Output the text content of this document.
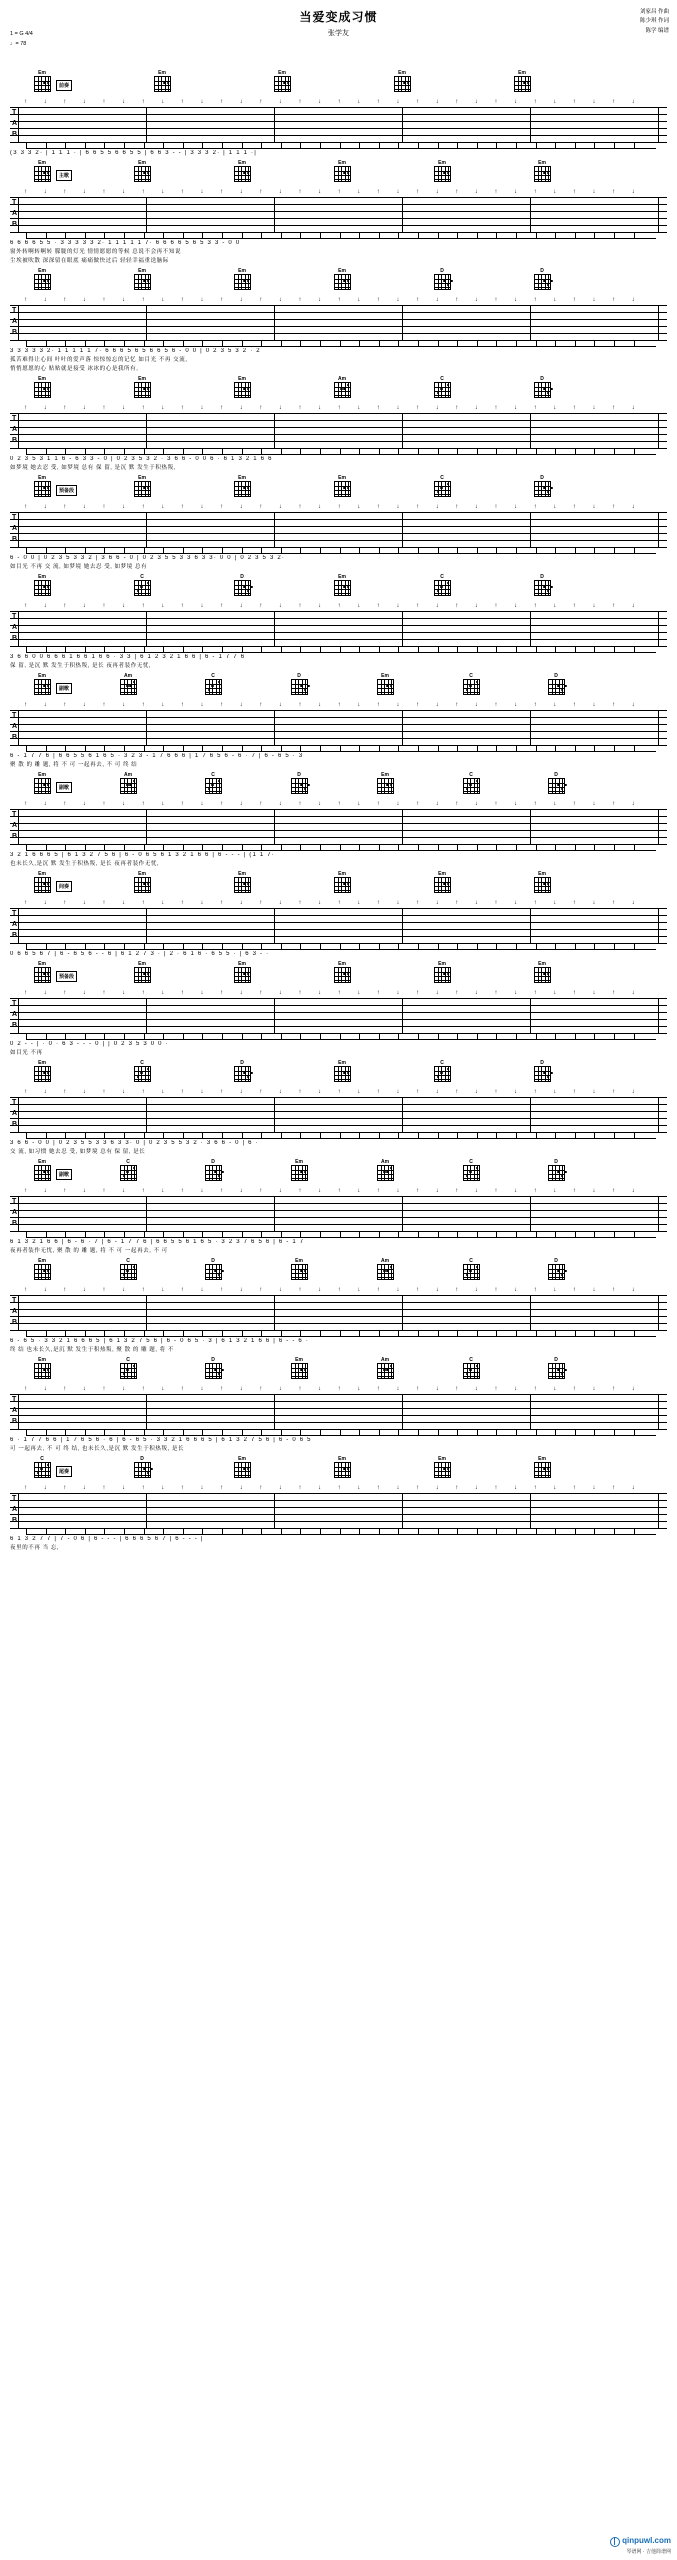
当爱变成习惯
张学友
刘家昌 作曲
陈少琪 作词
陈学 编谱
1 = G 4/4
♩= 78
Em	Em	Em	Em	Em
前奏
T
A
B
↑	↓	↑	↓	↑	↓	↑	↓	↑	↓	↑	↓	↑	↓	↑	↓	↑	↓	↑	↓	↑	↓	↑	↓	↑	↓	↑	↓	↑	↓	↑	↓
(3 3 3 2· | 1 1 1 · | 6 6 5 5 6 6 5 5 | 6 6 3 - - | 3 3 3 2· | 1 1 1 ·|
Em	Em	Em	Em	Em	Em
主歌
T
A
B
↑	↓	↑	↓	↑	↓	↑	↓	↑	↓	↑	↓	↑	↓	↑	↓	↑	↓	↑	↓	↑	↓	↑	↓	↑	↓	↑	↓	↑	↓	↑	↓
6 6 6 6 5 5 · 3 3 3 3 3 2· 1 1 1 1 1 7· 6 6 6 6 5 6 5 3 3 - 0 0
窗外转啊转啊转 朦胧的灯光 情情愿愿的等候 总说不会再不知说
尘埃被吹散 深深留在眼底 痛痛做快过后 轻轻幸福重迭脑际
Em	Em	Em	Em	D	D
T
A
B
↑	↓	↑	↓	↑	↓	↑	↓	↑	↓	↑	↓	↑	↓	↑	↓	↑	↓	↑	↓	↑	↓	↑	↓	↑	↓	↑	↓	↑	↓	↑	↓
3 3 3 3 3 2· 1 1 1 1 1 7· 6 6 6 5 6 5 6 6 5 6 - 0 0 | 0 2 3 5 3 2 · 2
孤苦难得让心间 叶叶的爱声落 惊惊惊忘的记忆 如目光 不再 交流,
悄悄愿愿的心 贴贴就是接受 冰冰的心是我所有,
Em	Em	Em	Am	C	D
T
A
B
↑	↓	↑	↓	↑	↓	↑	↓	↑	↓	↑	↓	↑	↓	↑	↓	↑	↓	↑	↓	↑	↓	↑	↓	↑	↓	↑	↓	↑	↓	↑	↓
0 2 3 5 3 1 1 6 - 6 3 3 - 0 | 0 2 3 5 3 2 · 3 6 6 - 0 0 6 · 6 1 3 2 1 6 6
如梦境 她去忍 受, 如梦境 总有 保 留, 是沉 默 发生于积热叛,
Em	Em	Em	Em	C	D
预备段
T
A
B
↑	↓	↑	↓	↑	↓	↑	↓	↑	↓	↑	↓	↑	↓	↑	↓	↑	↓	↑	↓	↑	↓	↑	↓	↑	↓	↑	↓	↑	↓	↑	↓
6 - 0 0 | 0 2 3 5 3 3 2 | 3 6 6 - 0 | 0 2 3 5 5 3 3 6 3 3· 0 0 | 0 2 3 5 3 2·
如目光 不再 交 流, 如梦境 她去忍 受, 如梦境 总有
Em	C	D	Em	C	D
T
A
B
↑	↓	↑	↓	↑	↓	↑	↓	↑	↓	↑	↓	↑	↓	↑	↓	↑	↓	↑	↓	↑	↓	↑	↓	↑	↓	↑	↓	↑	↓	↑	↓
3 6 6 0 0 6 6 6 1 6 6 1 6 6 · 3 3 | 6 1 2 3 2 1 6 6 | 6 - 1 7 7 6
保 留, 是沉 默 发生于积热叛, 是长 夜再者装作无忧,
Em	Am	C	D	Em	C	D
副歌
T
A
B
↑	↓	↑	↓	↑	↓	↑	↓	↑	↓	↑	↓	↑	↓	↑	↓	↑	↓	↑	↓	↑	↓	↑	↓	↑	↓	↑	↓	↑	↓	↑	↓
6 - 1 7 7 6 | 6 6 5 5 6 1 6 5 · 3 2 3 - 1 7 6 6 6 | 1 7 6 5 6 - 6 · 7 | 6 - 6 5 · 3
聚 散 的 雕 题, 将 不 可 一起再去, 不 可 终 结
Em	Am	C	D	Em	C	D
副歌
T
A
B
↑	↓	↑	↓	↑	↓	↑	↓	↑	↓	↑	↓	↑	↓	↑	↓	↑	↓	↑	↓	↑	↓	↑	↓	↑	↓	↑	↓	↑	↓	↑	↓
3 2 1 6 6 6 5 | 6 1 3 2 7 5 6 | 6 - 0 6 5 6 1 3 2 1 6 6 | 6 - - - | (1 1 7·
也未长久,是沉 默 发生于积热叛, 是长 夜再者装作无忧,
Em	Em	Em	Em	Em	Em
间奏
T
A
B
↑	↓	↑	↓	↑	↓	↑	↓	↑	↓	↑	↓	↑	↓	↑	↓	↑	↓	↑	↓	↑	↓	↑	↓	↑	↓	↑	↓	↑	↓	↑	↓
0 6 6 5 6 7 | 6 - 6 5 6 - - 6 | 6 1 2 7 3 · | 2 · 6 1 6 · 6 5 5 · | 6 3 - ·
Em	Em	Em	Em	Em	Em
预备段
T
A
B
↑	↓	↑	↓	↑	↓	↑	↓	↑	↓	↑	↓	↑	↓	↑	↓	↑	↓	↑	↓	↑	↓	↑	↓	↑	↓	↑	↓	↑	↓	↑	↓
0 2 - - | · 0 · 6 3 - - - 0 | | 0 2 3 5 3 0 0 ·
如目光 不再
Em	C	D	Em	C	D
T
A
B
↑	↓	↑	↓	↑	↓	↑	↓	↑	↓	↑	↓	↑	↓	↑	↓	↑	↓	↑	↓	↑	↓	↑	↓	↑	↓	↑	↓	↑	↓	↑	↓
3 6 6 - 0 0 | 0 2 3 5 5 3 3 6 3 3· 0 | 0 2 3 5 5 3 2 · 3 6 6 - 0 | 6 ·
交 流, 如习惯 她去忍 受, 如梦境 总有 保 留, 是长
Em	C	D	Em	Am	C	D
副歌
T
A
B
↑	↓	↑	↓	↑	↓	↑	↓	↑	↓	↑	↓	↑	↓	↑	↓	↑	↓	↑	↓	↑	↓	↑	↓	↑	↓	↑	↓	↑	↓	↑	↓
6 1 3 2 1 6 6 | 6 - 6 · 7 | 6 - 1 7 7 6 | 6 6 5 5 6 1 6 5 · 3 2 3 7 6 5 6 | 6 - 1 7
夜再者装作无忧, 聚 散 的 雕 题, 将 不 可 一起再去, 不 可
Em	C	D	Em	Am	C	D
T
A
B
↑	↓	↑	↓	↑	↓	↑	↓	↑	↓	↑	↓	↑	↓	↑	↓	↑	↓	↑	↓	↑	↓	↑	↓	↑	↓	↑	↓	↑	↓	↑	↓
6 - 6 5 · 3 3 2 1 6 6 6 5 | 6 1 3 2 7 5 6 | 6 - 0 6 5 · 3 | 6 1 3 2 1 6 6 | 6 - - 6 ·
终 结 也未长久,是沉 默 发生于积热叛, 聚 散 的 雕 题, 将 不
Em	C	D	Em	Am	C	D
T
A
B
↑	↓	↑	↓	↑	↓	↑	↓	↑	↓	↑	↓	↑	↓	↑	↓	↑	↓	↑	↓	↑	↓	↑	↓	↑	↓	↑	↓	↑	↓	↑	↓
6 · 1 7 7 6 6 | 1 7 6 5 6 · 6 | 6 - 6 5 · 3 3 2 1 6 6 6 5 | 6 1 3 2 7 5 6 | 6 - 0 6 5
可 一起再去, 不 可 终 结, 也未长久,是沉 默 发生于积热叛, 是长
C	D	Em	Em	Em	Em
尾奏
T
A
B
↑	↓	↑	↓	↑	↓	↑	↓	↑	↓	↑	↓	↑	↓	↑	↓	↑	↓	↑	↓	↑	↓	↑	↓	↑	↓	↑	↓	↑	↓	↑	↓
6 1 3 2 7 7 | 7 - 0 6 | 6 - - - | 6 6 6 5 6 7 | 6 - - - |
夜里的不再 当 忘,
qinpuwl.com
琴谱网 · 吉他简谱网
